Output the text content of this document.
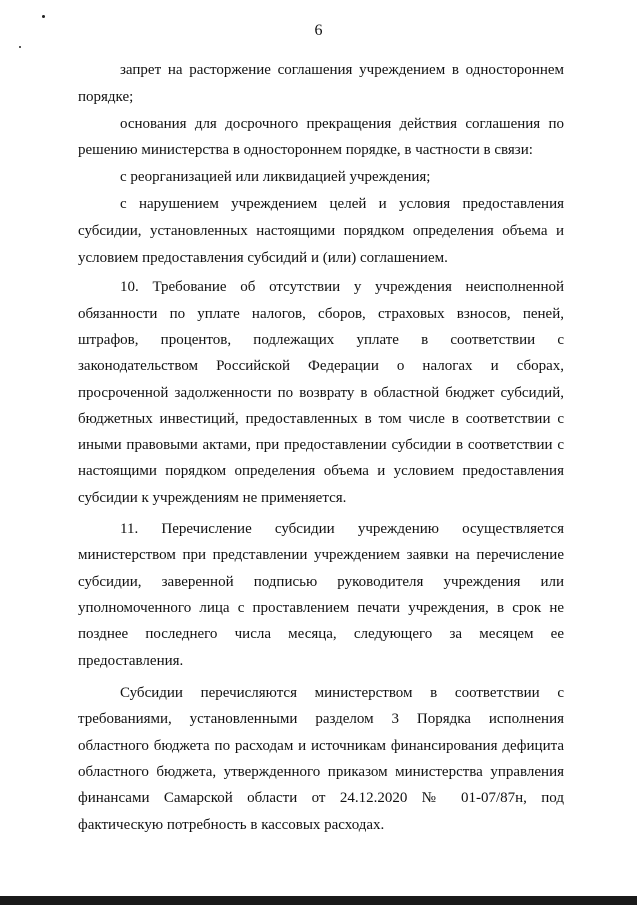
6

запрет на расторжение соглашения учреждением в одностороннем порядке;

основания для досрочного прекращения действия соглашения по решению министерства в одностороннем порядке, в частности в связи:

с реорганизацией или ликвидацией учреждения;

с нарушением учреждением целей и условия предоставления субсидии, установленных настоящими порядком определения объема и условием предоставления субсидий и (или) соглашением.

10. Требование об отсутствии у учреждения неисполненной обязанности по уплате налогов, сборов, страховых взносов, пеней, штрафов, процентов, подлежащих уплате в соответствии с законодательством Российской Федерации о налогах и сборах, просроченной задолженности по возврату в областной бюджет субсидий, бюджетных инвестиций, предоставленных в том числе в соответствии с иными правовыми актами, при предоставлении субсидии в соответствии с настоящими порядком определения объема и условием предоставления субсидии к учреждениям не применяется.

11. Перечисление субсидии учреждению осуществляется министерством при представлении учреждением заявки на перечисление субсидии, заверенной подписью руководителя учреждения или уполномоченного лица с проставлением печати учреждения, в срок не позднее последнего числа месяца, следующего за месяцем ее предоставления.

Субсидии перечисляются министерством в соответствии с требованиями, установленными разделом 3 Порядка исполнения областного бюджета по расходам и источникам финансирования дефицита областного бюджета, утвержденного приказом министерства управления финансами Самарской области от 24.12.2020 № 01-07/87н, под фактическую потребность в кассовых расходах.
